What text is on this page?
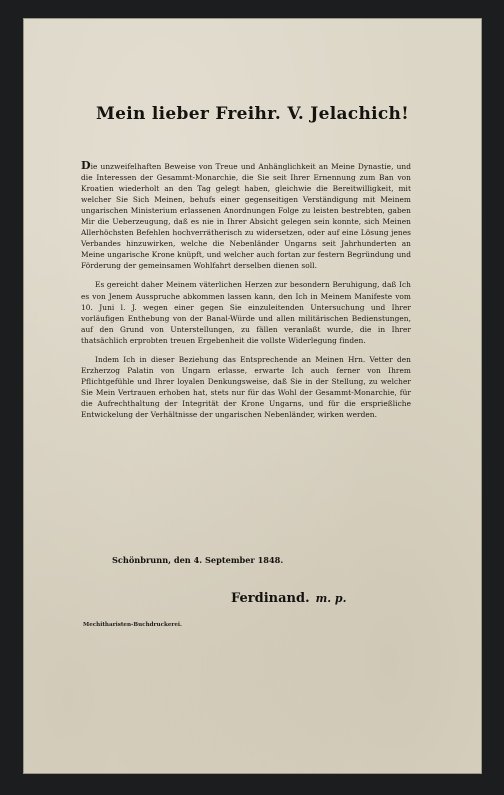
Mein lieber Freihr. V. Jelachich!

Die unzweifelhaften Beweise von Treue und Anhänglichkeit an Meine Dynastie, und die Interessen der Gesammt-Monarchie, die Sie seit Ihrer Ernennung zum Ban von Kroatien wiederholt an den Tag gelegt haben, gleichwie die Bereitwilligkeit, mit welcher Sie Sich Meinen, behufs einer gegenseitigen Verständigung mit Meinem ungarischen Ministerium erlassenen Anordnungen Folge zu leisten bestrebten, gaben Mir die Ueberzeugung, daß es nie in Ihrer Absicht gelegen sein konnte, sich Meinen Allerhöchsten Befehlen hochverrätherisch zu widersetzen, oder auf eine Lösung jenes Verbandes hinzuwirken, welche die Nebenländer Ungarns seit Jahrhunderten an Meine ungarische Krone knüpft, und welcher auch fortan zur festern Begründung und Förderung der gemeinsamen Wohlfahrt derselben dienen soll.

Es gereicht daher Meinem väterlichen Herzen zur besondern Beruhigung, daß Ich es von Jenem Ausspruche abkommen lassen kann, den Ich in Meinem Manifeste vom 10. Juni l. J. wegen einer gegen Sie einzuleitenden Untersuchung und Ihrer vorläufigen Enthebung von der Banal-Würde und allen militärischen Bedienstungen, auf den Grund von Unterstellungen, zu fällen veranlaßt wurde, die in Ihrer thatsächlich erprobten treuen Ergebenheit die vollste Widerlegung finden.

Indem Ich in dieser Beziehung das Entsprechende an Meinen Hrn. Vetter den Erzherzog Palatin von Ungarn erlasse, erwarte Ich auch ferner von Ihrem Pflichtgefühle und Ihrer loyalen Denkungsweise, daß Sie in der Stellung, zu welcher Sie Mein Vertrauen erhoben hat, stets nur für das Wohl der Gesammt-Monarchie, für die Aufrechthaltung der Integrität der Krone Ungarns, und für die ersprießliche Entwickelung der Verhältnisse der ungarischen Nebenländer, wirken werden.

Schönbrunn, den 4. September 1848.
Ferdinand. m. p.
Mechitharisten-Buchdruckerei.
